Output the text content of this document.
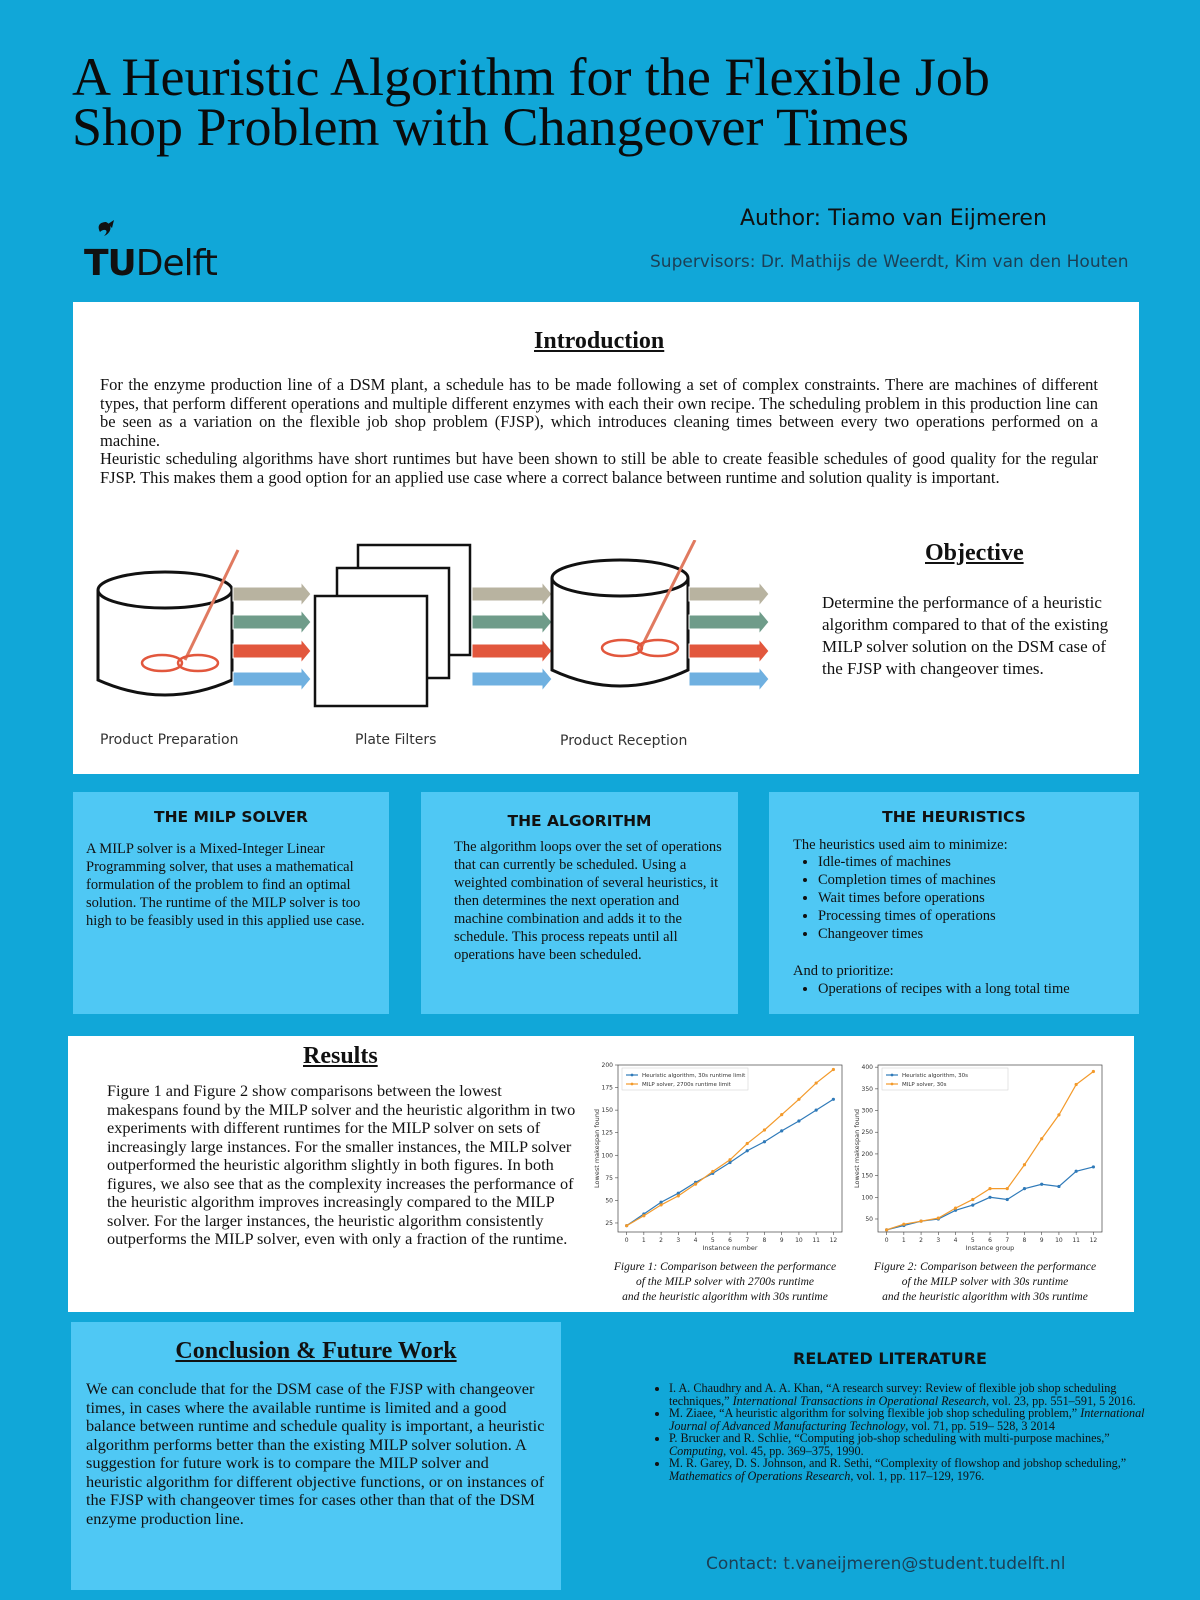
A Heuristic Algorithm for the Flexible Job
Shop Problem with Changeover Times
TUDelft
Author: Tiamo van Eijmeren
Supervisors: Dr. Mathijs de Weerdt, Kim van den Houten
Introduction

For the enzyme production line of a DSM plant, a schedule has to be made following a set of complex constraints. There are machines of different types, that perform different operations and multiple different enzymes with each their own recipe. The scheduling problem in this production line can be seen as a variation on the flexible job shop problem (FJSP), which introduces cleaning times between every two operations performed on a machine.

Heuristic scheduling algorithms have short runtimes but have been shown to still be able to create feasible schedules of good quality for the regular FJSP. This makes them a good option for an applied use case where a correct balance between runtime and solution quality is important.

Product Preparation	Plate Filters	Product Reception
Objective
Determine the performance of a heuristic algorithm compared to that of the existing MILP solver solution on the DSM case of the FJSP with changeover times.
THE MILP SOLVER
A MILP solver is a Mixed-Integer Linear Programming solver, that uses a mathematical formulation of the problem to find an optimal solution. The runtime of the MILP solver is too high to be feasibly used in this applied use case.
THE ALGORITHM
The algorithm loops over the set of operations that can currently be scheduled. Using a weighted combination of several heuristics, it then determines the next operation and machine combination and adds it to the schedule. This process repeats until all operations have been scheduled.
THE HEURISTICS
The heuristics used aim to minimize:
• Idle-times of machines
• Completion times of machines
• Wait times before operations
• Processing times of operations
• Changeover times
And to prioritize:
• Operations of recipes with a long total time
Results
Figure 1 and Figure 2 show comparisons between the lowest makespans found by the MILP solver and the heuristic algorithm in two experiments with different runtimes for the MILP solver on sets of increasingly large instances. For the smaller instances, the MILP solver outperformed the heuristic algorithm slightly in both figures. In both figures, we also see that as the complexity increases the performance of the heuristic algorithm improves increasingly compared to the MILP solver. For the larger instances, the heuristic algorithm consistently outperforms the MILP solver, even with only a fraction of the runtime.
25
50
75
100
125
150
175
200
0 1 2 3 4 5 6 7 8 9 10 11 12
Instance number
Lowest makespan found
Heuristic algorithm, 30s runtime limit
MILP solver, 2700s runtime limit
50
100
150
200
250
300
350
400
0 1 2 3 4 5 6 7 8 9 10 11 12
Instance group
Lowest makespan found
Heuristic algorithm, 30s
MILP solver, 30s
Figure 1: Comparison between the performance
of the MILP solver with 2700s runtime
and the heuristic algorithm with 30s runtime
Figure 2: Comparison between the performance
of the MILP solver with 30s runtime
and the heuristic algorithm with 30s runtime
Conclusion & Future Work
We can conclude that for the DSM case of the FJSP with changeover times, in cases where the available runtime is limited and a good balance between runtime and schedule quality is important, a heuristic algorithm performs better than the existing MILP solver solution. A suggestion for future work is to compare the MILP solver and heuristic algorithm for different objective functions, or on instances of the FJSP with changeover times for cases other than that of the DSM enzyme production line.
RELATED LITERATURE
• I. A. Chaudhry and A. A. Khan, “A research survey: Review of flexible job shop scheduling techniques,” International Transactions in Operational Research, vol. 23, pp. 551–591, 5 2016.
• M. Ziaee, “A heuristic algorithm for solving flexible job shop scheduling problem,” International Journal of Advanced Manufacturing Technology, vol. 71, pp. 519– 528, 3 2014
• P. Brucker and R. Schlie, “Computing job-shop scheduling with multi-purpose machines,” Computing, vol. 45, pp. 369–375, 1990.
• M. R. Garey, D. S. Johnson, and R. Sethi, “Complexity of flowshop and jobshop scheduling,” Mathematics of Operations Research, vol. 1, pp. 117–129, 1976.
Contact: t.vaneijmeren@student.tudelft.nl
